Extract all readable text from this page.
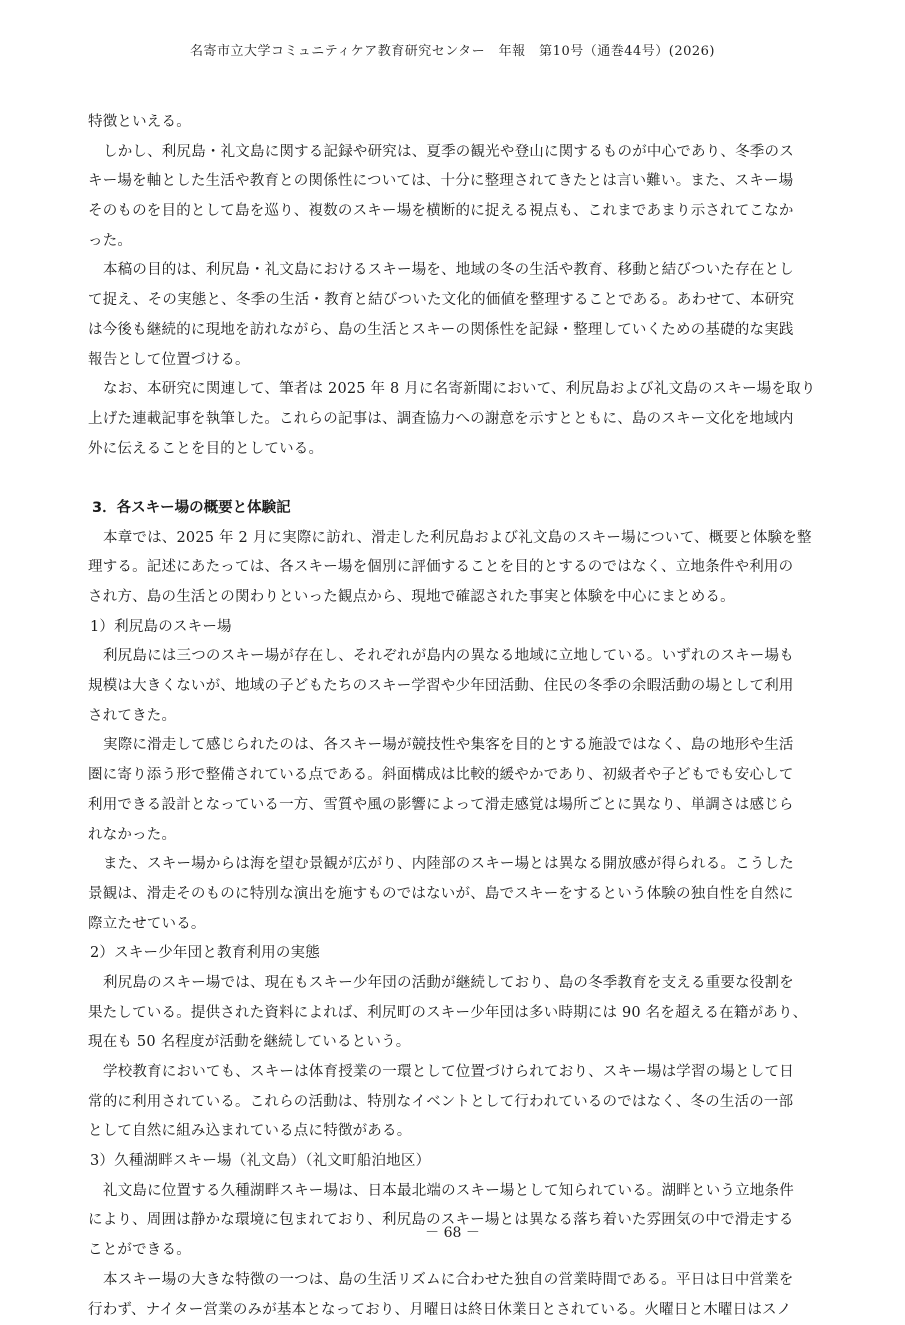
名寄市立大学コミュニティケア教育研究センター　年報　第10号（通巻44号）(2026)
特徴といえる。
しかし、利尻島・礼文島に関する記録や研究は、夏季の観光や登山に関するものが中心であり、冬季のス
キー場を軸とした生活や教育との関係性については、十分に整理されてきたとは言い難い。また、スキー場
そのものを目的として島を巡り、複数のスキー場を横断的に捉える視点も、これまであまり示されてこなか
った。
本稿の目的は、利尻島・礼文島におけるスキー場を、地域の冬の生活や教育、移動と結びついた存在とし
て捉え、その実態と、冬季の生活・教育と結びついた文化的価値を整理することである。あわせて、本研究
は今後も継続的に現地を訪れながら、島の生活とスキーの関係性を記録・整理していくための基礎的な実践
報告として位置づける。
なお、本研究に関連して、筆者は 2025 年 8 月に名寄新聞において、利尻島および礼文島のスキー場を取り
上げた連載記事を執筆した。これらの記事は、調査協力への謝意を示すとともに、島のスキー文化を地域内
外に伝えることを目的としている。
3．各スキー場の概要と体験記
本章では、2025 年 2 月に実際に訪れ、滑走した利尻島および礼文島のスキー場について、概要と体験を整
理する。記述にあたっては、各スキー場を個別に評価することを目的とするのではなく、立地条件や利用の
され方、島の生活との関わりといった観点から、現地で確認された事実と体験を中心にまとめる。
1）利尻島のスキー場
利尻島には三つのスキー場が存在し、それぞれが島内の異なる地域に立地している。いずれのスキー場も
規模は大きくないが、地域の子どもたちのスキー学習や少年団活動、住民の冬季の余暇活動の場として利用
されてきた。
実際に滑走して感じられたのは、各スキー場が競技性や集客を目的とする施設ではなく、島の地形や生活
圏に寄り添う形で整備されている点である。斜面構成は比較的緩やかであり、初級者や子どもでも安心して
利用できる設計となっている一方、雪質や風の影響によって滑走感覚は場所ごとに異なり、単調さは感じら
れなかった。
また、スキー場からは海を望む景観が広がり、内陸部のスキー場とは異なる開放感が得られる。こうした
景観は、滑走そのものに特別な演出を施すものではないが、島でスキーをするという体験の独自性を自然に
際立たせている。
2）スキー少年団と教育利用の実態
利尻島のスキー場では、現在もスキー少年団の活動が継続しており、島の冬季教育を支える重要な役割を
果たしている。提供された資料によれば、利尻町のスキー少年団は多い時期には 90 名を超える在籍があり、
現在も 50 名程度が活動を継続しているという。
学校教育においても、スキーは体育授業の一環として位置づけられており、スキー場は学習の場として日
常的に利用されている。これらの活動は、特別なイベントとして行われているのではなく、冬の生活の一部
として自然に組み込まれている点に特徴がある。
3）久種湖畔スキー場（礼文島）（礼文町船泊地区）
礼文島に位置する久種湖畔スキー場は、日本最北端のスキー場として知られている。湖畔という立地条件
により、周囲は静かな環境に包まれており、利尻島のスキー場とは異なる落ち着いた雰囲気の中で滑走する
ことができる。
本スキー場の大きな特徴の一つは、島の生活リズムに合わせた独自の営業時間である。平日は日中営業を
行わず、ナイター営業のみが基本となっており、月曜日は終日休業日とされている。火曜日と木曜日はスノ
－ 68 －
